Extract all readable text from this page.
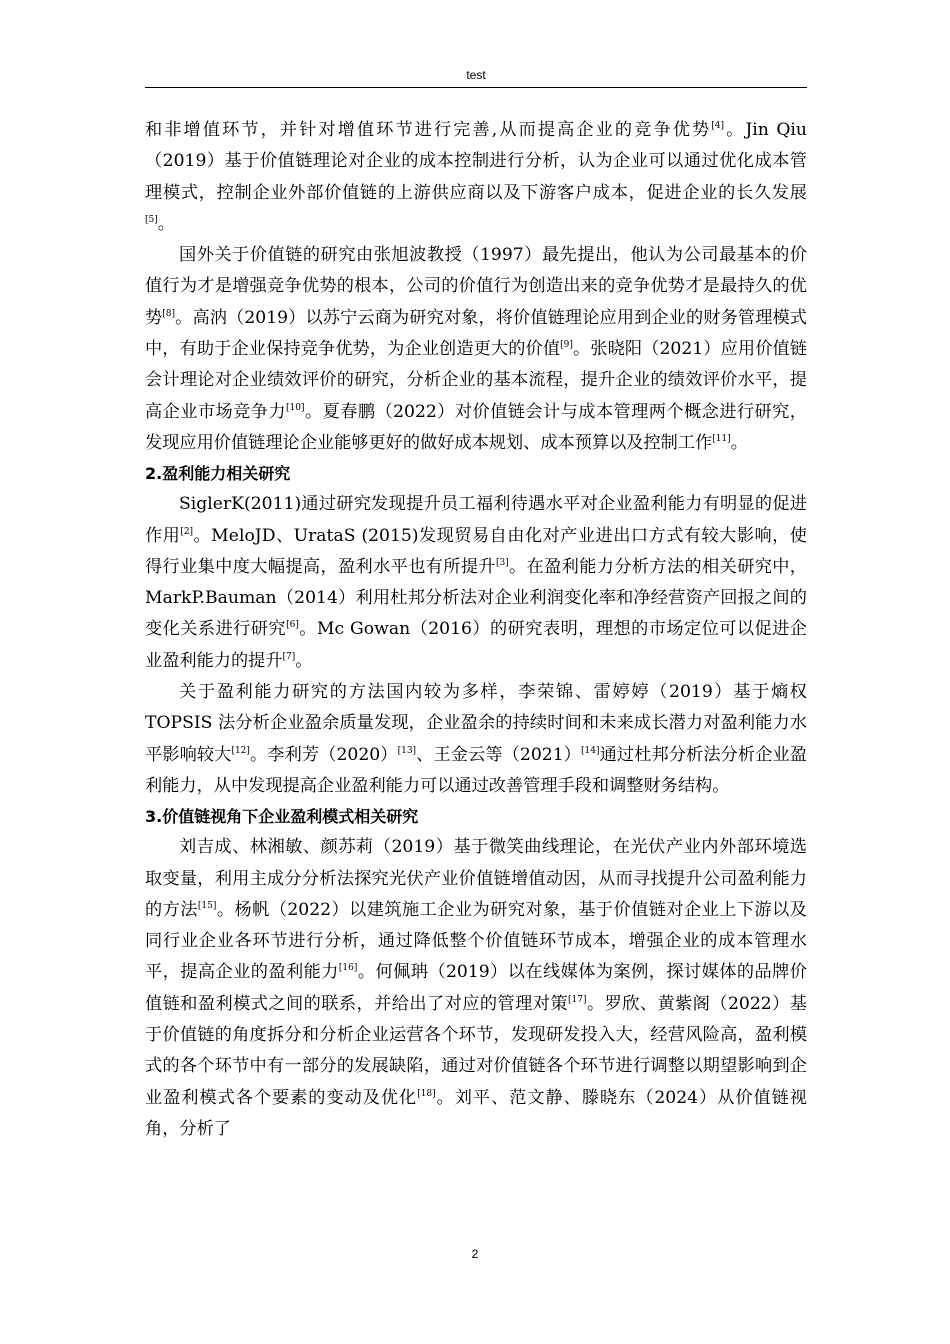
test

和非增值环节，并针对增值环节进行完善,从而提高企业的竞争优势[4]。Jin Qiu（2019）基于价值链理论对企业的成本控制进行分析，认为企业可以通过优化成本管理模式，控制企业外部价值链的上游供应商以及下游客户成本，促进企业的长久发展[5]。

国外关于价值链的研究由张旭波教授（1997）最先提出，他认为公司最基本的价值行为才是增强竞争优势的根本，公司的价值行为创造出来的竞争优势才是最持久的优势[8]。高汭（2019）以苏宁云商为研究对象，将价值链理论应用到企业的财务管理模式中，有助于企业保持竞争优势，为企业创造更大的价值[9]。张晓阳（2021）应用价值链会计理论对企业绩效评价的研究，分析企业的基本流程，提升企业的绩效评价水平，提高企业市场竞争力[10]。夏春鹏（2022）对价值链会计与成本管理两个概念进行研究，发现应用价值链理论企业能够更好的做好成本规划、成本预算以及控制工作[11]。

2.盈利能力相关研究

SiglerK(2011)通过研究发现提升员工福利待遇水平对企业盈利能力有明显的促进作用[2]。MeloJD、UrataS (2015)发现贸易自由化对产业进出口方式有较大影响，使得行业集中度大幅提高，盈利水平也有所提升[3]。在盈利能力分析方法的相关研究中，MarkP.Bauman（2014）利用杜邦分析法对企业利润变化率和净经营资产回报之间的变化关系进行研究[6]。Mc Gowan（2016）的研究表明，理想的市场定位可以促进企业盈利能力的提升[7]。

关于盈利能力研究的方法国内较为多样，李荣锦、雷婷婷（2019）基于熵权 TOPSIS 法分析企业盈余质量发现，企业盈余的持续时间和未来成长潜力对盈利能力水平影响较大[12]。李利芳（2020）[13]、王金云等（2021）[14]通过杜邦分析法分析企业盈利能力，从中发现提高企业盈利能力可以通过改善管理手段和调整财务结构。

3.价值链视角下企业盈利模式相关研究

刘吉成、林湘敏、颜苏莉（2019）基于微笑曲线理论，在光伏产业内外部环境选取变量，利用主成分分析法探究光伏产业价值链增值动因，从而寻找提升公司盈利能力的方法[15]。杨帆（2022）以建筑施工企业为研究对象，基于价值链对企业上下游以及同行业企业各环节进行分析，通过降低整个价值链环节成本，增强企业的成本管理水平，提高企业的盈利能力[16]。何佩珃（2019）以在线媒体为案例，探讨媒体的品牌价值链和盈利模式之间的联系，并给出了对应的管理对策[17]。罗欣、黄紫阁（2022）基于价值链的角度拆分和分析企业运营各个环节，发现研发投入大，经营风险高，盈利模式的各个环节中有一部分的发展缺陷，通过对价值链各个环节进行调整以期望影响到企业盈利模式各个要素的变动及优化[18]。刘平、范文静、滕晓东（2024）从价值链视角，分析了

2
